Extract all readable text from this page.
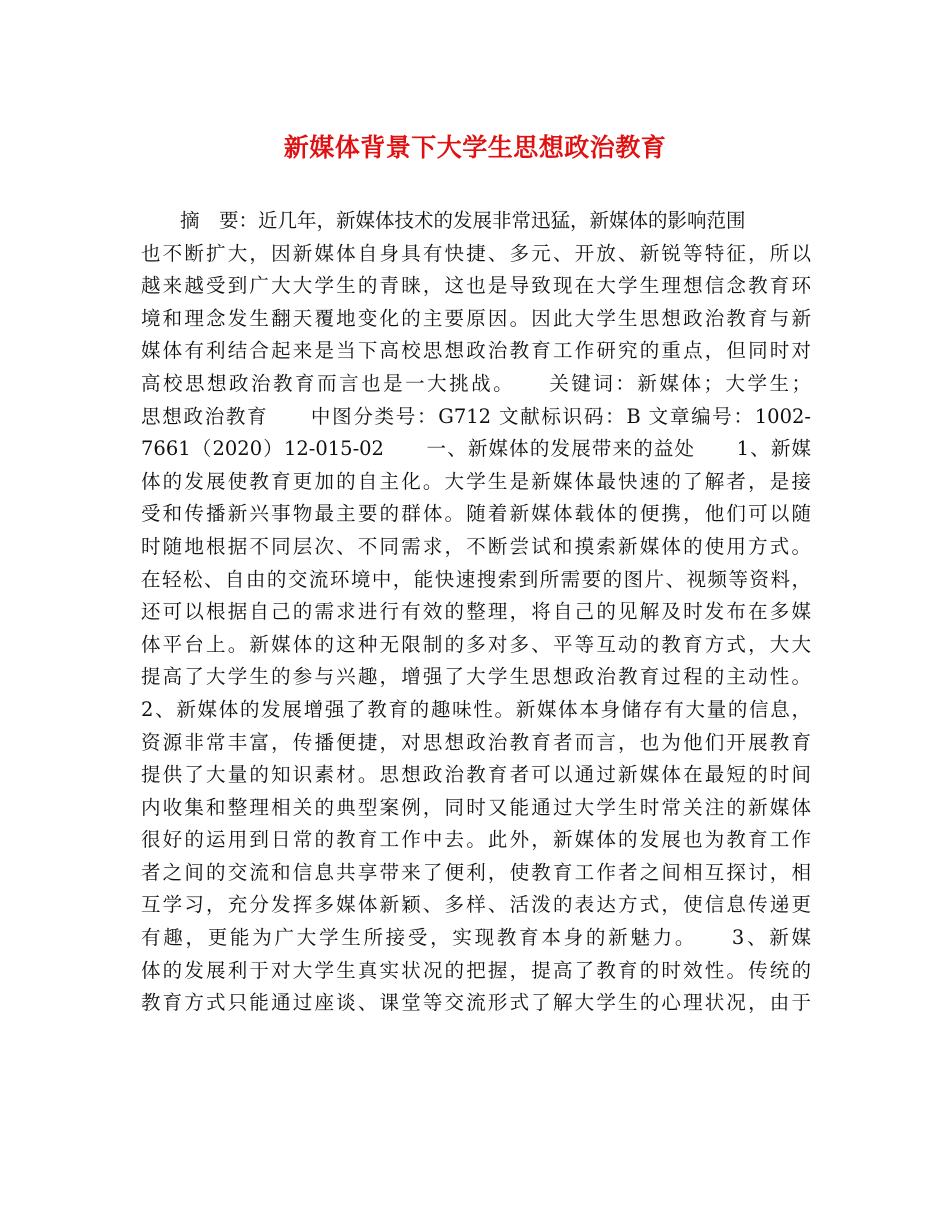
新媒体背景下大学生思想政治教育
　　摘　要：近几年，新媒体技术的发展非常迅猛，新媒体的影响范围
也不断扩大，因新媒体自身具有快捷、多元、开放、新锐等特征，所以
越来越受到广大大学生的青睐，这也是导致现在大学生理想信念教育环
境和理念发生翻天覆地变化的主要原因。因此大学生思想政治教育与新
媒体有利结合起来是当下高校思想政治教育工作研究的重点，但同时对
高校思想政治教育而言也是一大挑战。　　关键词：新媒体；大学生；
思想政治教育　　中图分类号：G712 文献标识码：B 文章编号：1002-
7661（2020）12-015-02　　一、新媒体的发展带来的益处　　1、新媒
体的发展使教育更加的自主化。大学生是新媒体最快速的了解者，是接
受和传播新兴事物最主要的群体。随着新媒体载体的便携，他们可以随
时随地根据不同层次、不同需求，不断尝试和摸索新媒体的使用方式。
在轻松、自由的交流环境中，能快速搜索到所需要的图片、视频等资料，
还可以根据自己的需求进行有效的整理，将自己的见解及时发布在多媒
体平台上。新媒体的这种无限制的多对多、平等互动的教育方式，大大
提高了大学生的参与兴趣，增强了大学生思想政治教育过程的主动性。
2、新媒体的发展增强了教育的趣味性。新媒体本身储存有大量的信息，
资源非常丰富，传播便捷，对思想政治教育者而言，也为他们开展教育
提供了大量的知识素材。思想政治教育者可以通过新媒体在最短的时间
内收集和整理相关的典型案例，同时又能通过大学生时常关注的新媒体
很好的运用到日常的教育工作中去。此外，新媒体的发展也为教育工作
者之间的交流和信息共享带来了便利，使教育工作者之间相互探讨，相
互学习，充分发挥多媒体新颖、多样、活泼的表达方式，使信息传递更
有趣，更能为广大学生所接受，实现教育本身的新魅力。　　3、新媒
体的发展利于对大学生真实状况的把握，提高了教育的时效性。传统的
教育方式只能通过座谈、课堂等交流形式了解大学生的心理状况，由于
